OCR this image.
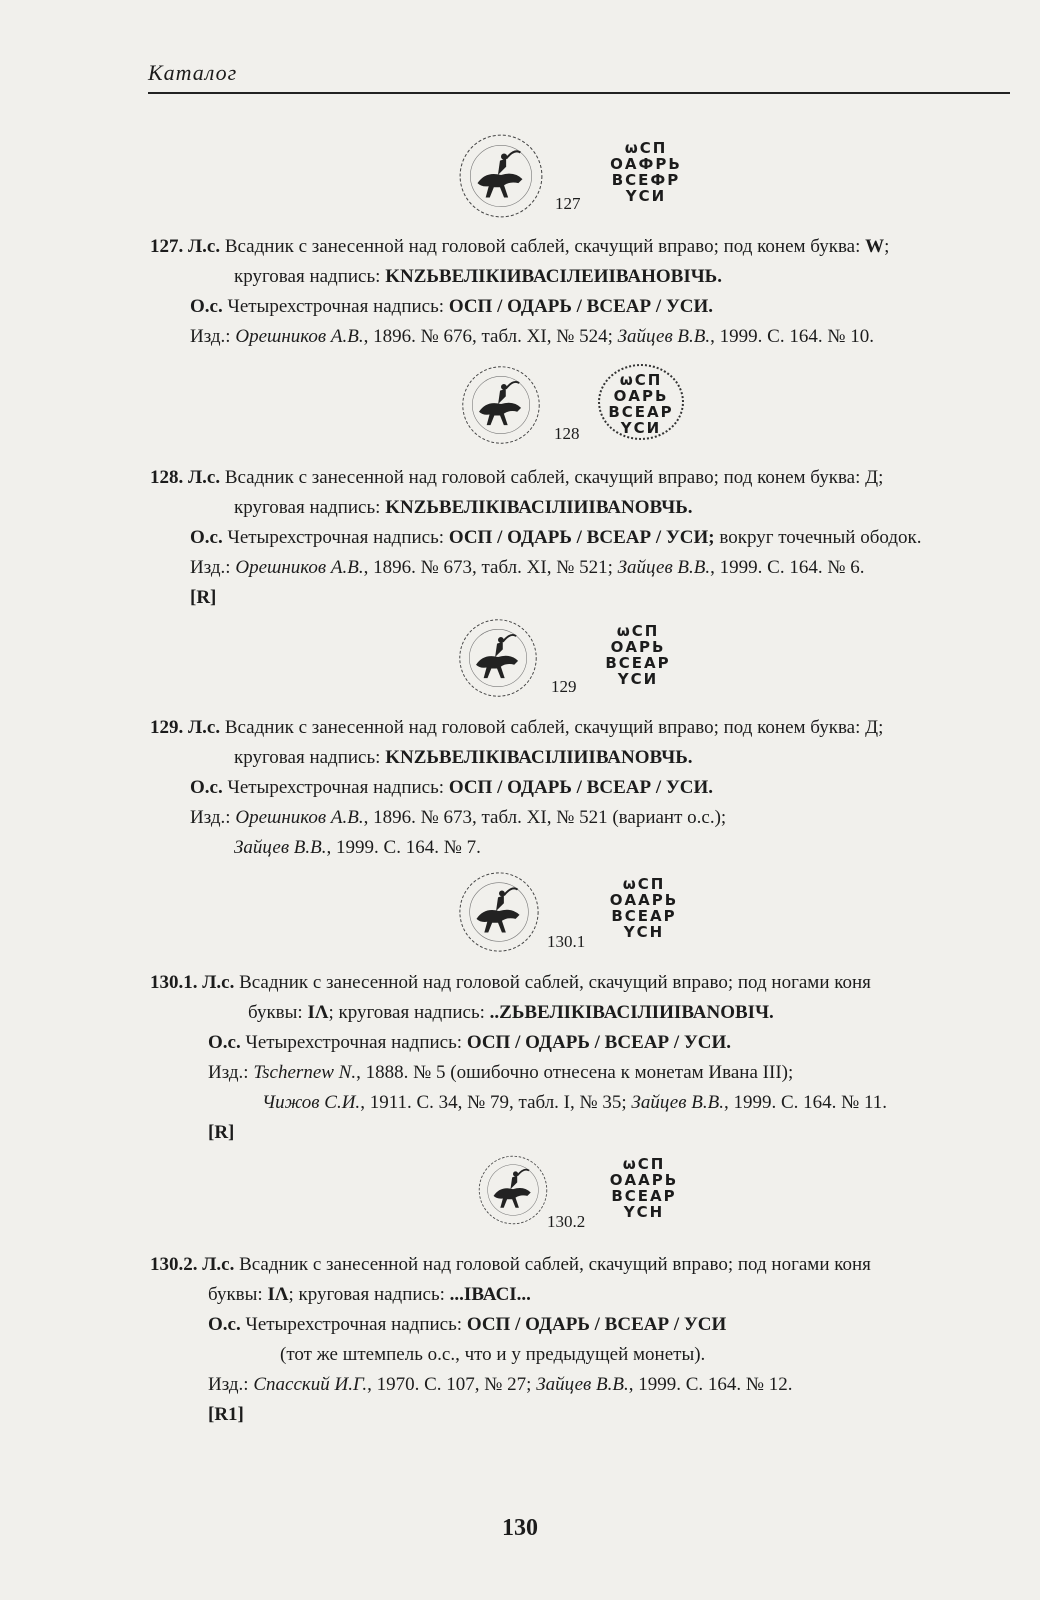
Каталог
127
ωСП
ОАФРЬ
ВСЕФР
ҮСИ
127. Л.с. Всадник с занесенной над головой саблей, скачущий вправо; под конем буква: W;
круговая надпись: KNZЬВЕЛІКІИВАСІЛЕИІВАНОВІЧЬ.
О.с. Четырехстрочная надпись: ОСП / ОДАРЬ / ВСЕАР / УСИ.
Изд.: Орешников А.В., 1896. № 676, табл. XI, № 524; Зайцев В.В., 1999. С. 164. № 10.
128
ωСП
ОАРЬ
ВСЕАР
ҮСИ
128. Л.с. Всадник с занесенной над головой саблей, скачущий вправо; под конем буква: Д;
круговая надпись: KNZЬВЕЛІКІВАСІЛІИІВАNОВЧЬ.
О.с. Четырехстрочная надпись: ОСП / ОДАРЬ / ВСЕАР / УСИ; вокруг точечный ободок.
Изд.: Орешников А.В., 1896. № 673, табл. XI, № 521; Зайцев В.В., 1999. С. 164. № 6.
[R]
129
ωСП
ОАРЬ
ВСЕАР
ҮСИ
129. Л.с. Всадник с занесенной над головой саблей, скачущий вправо; под конем буква: Д;
круговая надпись: KNZЬВЕЛІКІВАСІЛІИІВАNОВЧЬ.
О.с. Четырехстрочная надпись: ОСП / ОДАРЬ / ВСЕАР / УСИ.
Изд.: Орешников А.В., 1896. № 673, табл. XI, № 521 (вариант о.с.);
Зайцев В.В., 1999. С. 164. № 7.
130.1
ωСП
ОААРЬ
ВСЕАР
ҮСН
130.1. Л.с. Всадник с занесенной над головой саблей, скачущий вправо; под ногами коня
буквы: IΛ; круговая надпись: ..ZЬВЕЛІКІВАСІЛІИІВАNОВІЧ.
О.с. Четырехстрочная надпись: ОСП / ОДАРЬ / ВСЕАР / УСИ.
Изд.: Tschernew N., 1888. № 5 (ошибочно отнесена к монетам Ивана III);
Чижов С.И., 1911. С. 34, № 79, табл. I, № 35; Зайцев В.В., 1999. С. 164. № 11.
[R]
130.2
ωСП
ОААРЬ
ВСЕАР
ҮСН
130.2. Л.с. Всадник с занесенной над головой саблей, скачущий вправо; под ногами коня
буквы: IΛ; круговая надпись: ...IВАСІ...
О.с. Четырехстрочная надпись: ОСП / ОДАРЬ / ВСЕАР / УСИ
(тот же штемпель о.с., что и у предыдущей монеты).
Изд.: Спасский И.Г., 1970. С. 107, № 27; Зайцев В.В., 1999. С. 164. № 12.
[R1]
130
